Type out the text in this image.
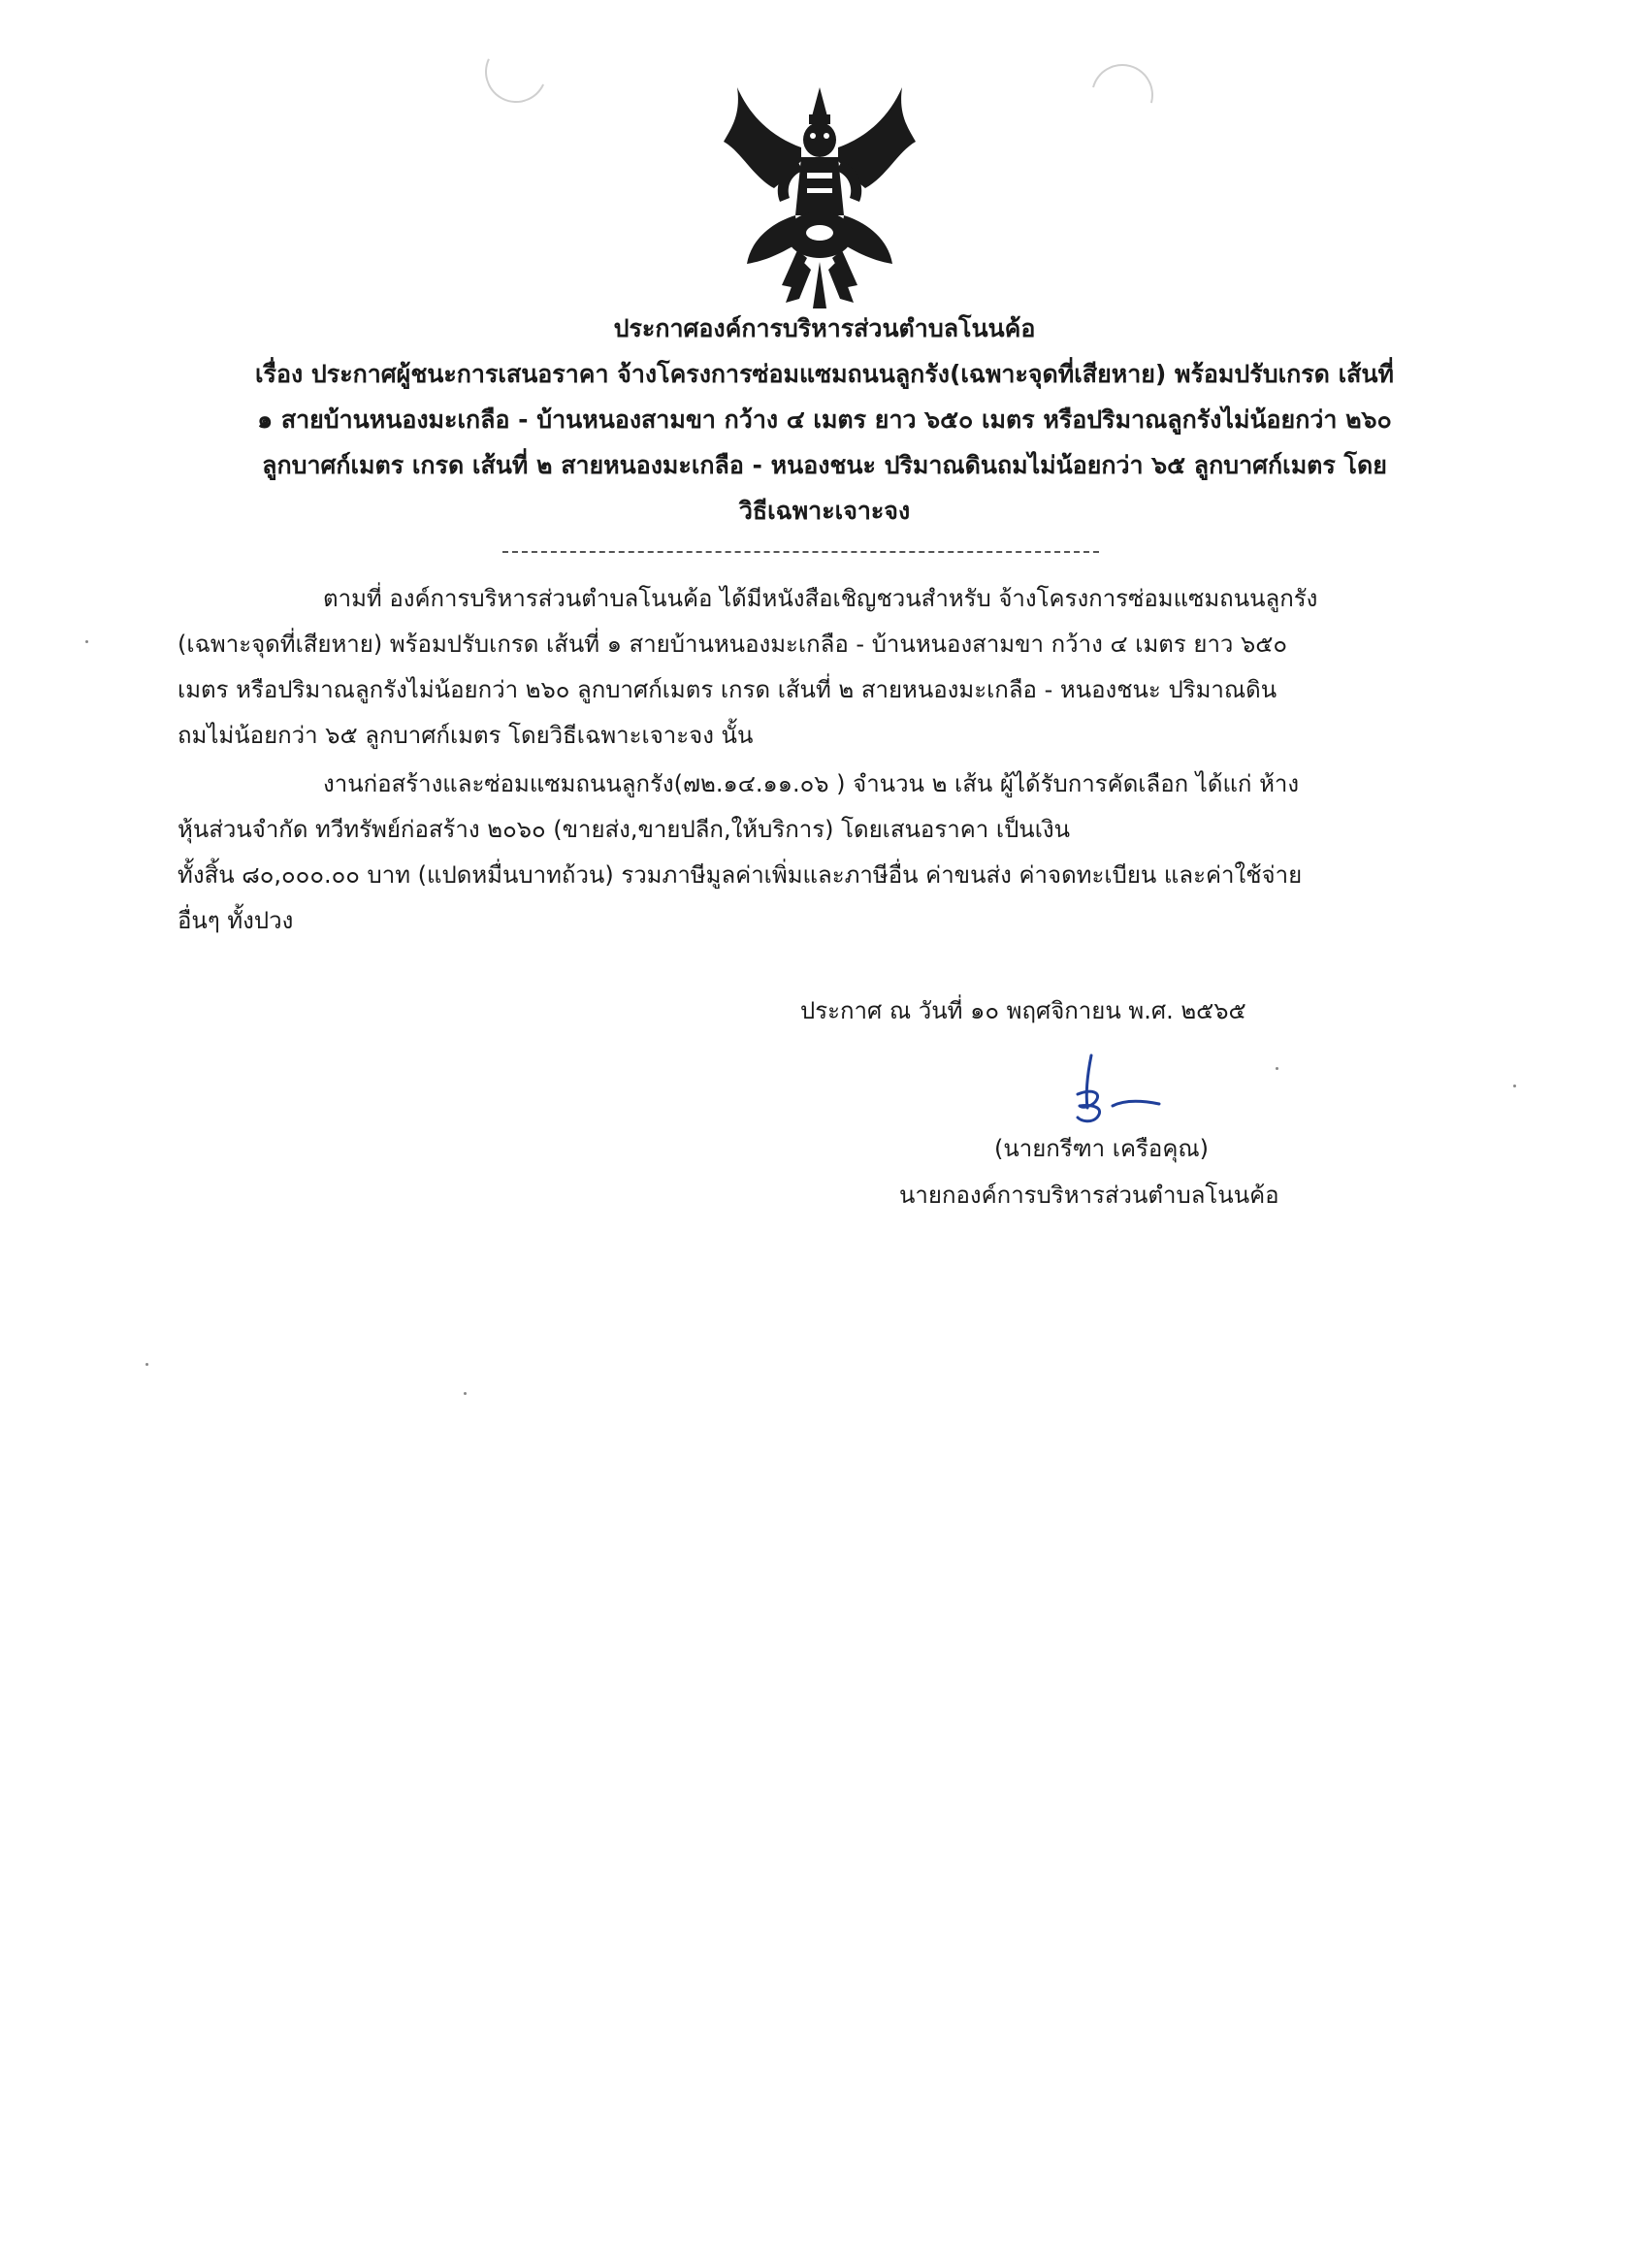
ประกาศองค์การบริหารส่วนตำบลโนนค้อ
เรื่อง ประกาศผู้ชนะการเสนอราคา จ้างโครงการซ่อมแซมถนนลูกรัง(เฉพาะจุดที่เสียหาย) พร้อมปรับเกรด เส้นที่
๑ สายบ้านหนองมะเกลือ - บ้านหนองสามขา กว้าง ๔ เมตร ยาว ๖๕๐ เมตร หรือปริมาณลูกรังไม่น้อยกว่า ๒๖๐
ลูกบาศก์เมตร เกรด เส้นที่ ๒ สายหนองมะเกลือ - หนองชนะ ปริมาณดินถมไม่น้อยกว่า ๖๕ ลูกบาศก์เมตร โดย
วิธีเฉพาะเจาะจง
ตามที่ องค์การบริหารส่วนตำบลโนนค้อ ได้มีหนังสือเชิญชวนสำหรับ จ้างโครงการซ่อมแซมถนนลูกรัง
(เฉพาะจุดที่เสียหาย) พร้อมปรับเกรด เส้นที่ ๑ สายบ้านหนองมะเกลือ - บ้านหนองสามขา กว้าง ๔ เมตร ยาว ๖๕๐
เมตร หรือปริมาณลูกรังไม่น้อยกว่า ๒๖๐ ลูกบาศก์เมตร เกรด เส้นที่ ๒ สายหนองมะเกลือ - หนองชนะ ปริมาณดิน
ถมไม่น้อยกว่า ๖๕ ลูกบาศก์เมตร โดยวิธีเฉพาะเจาะจง นั้น
งานก่อสร้างและซ่อมแซมถนนลูกรัง(๗๒.๑๔.๑๑.๐๖ ) จำนวน ๒ เส้น ผู้ได้รับการคัดเลือก ได้แก่ ห้าง
หุ้นส่วนจำกัด ทวีทรัพย์ก่อสร้าง ๒๐๖๐ (ขายส่ง,ขายปลีก,ให้บริการ) โดยเสนอราคา เป็นเงิน
ทั้งสิ้น ๘๐,๐๐๐.๐๐ บาท (แปดหมื่นบาทถ้วน) รวมภาษีมูลค่าเพิ่มและภาษีอื่น ค่าขนส่ง ค่าจดทะเบียน และค่าใช้จ่าย
อื่นๆ ทั้งปวง
ประกาศ ณ วันที่ ๑๐ พฤศจิกายน พ.ศ. ๒๕๖๕
(นายกรีฑา เครือคุณ)
นายกองค์การบริหารส่วนตำบลโนนค้อ
